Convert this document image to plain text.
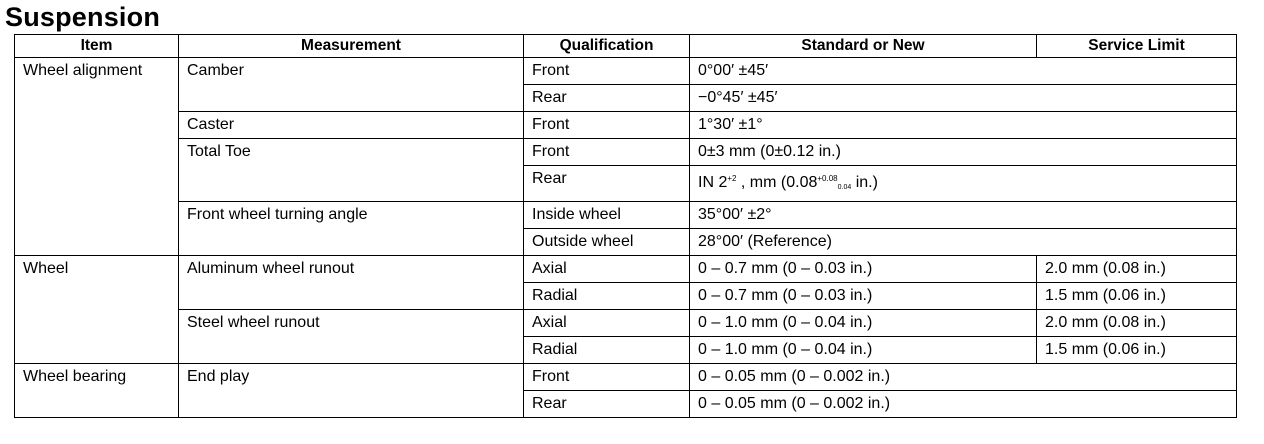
Suspension
Item	Measurement	Qualification	Standard or New	Service Limit
Wheel alignment	Camber	Front	0°00′ ±45′	
		Rear	−0°45′ ±45′	
	Caster	Front	1°30′ ±1°	
	Total Toe	Front	0±3 mm (0±0.12 in.)	
		Rear	IN $2^{+2}$ , mm ($0.08^{+0.08}_{0.04}$ in.)	
	Front wheel turning angle	Inside wheel	35°00′ ±2°	
		Outside wheel	28°00′ (Reference)	
Wheel	Aluminum wheel runout	Axial	0 – 0.7 mm (0 – 0.03 in.)	2.0 mm (0.08 in.)
		Radial	0 – 0.7 mm (0 – 0.03 in.)	1.5 mm (0.06 in.)
	Steel wheel runout	Axial	0 – 1.0 mm (0 – 0.04 in.)	2.0 mm (0.08 in.)
		Radial	0 – 1.0 mm (0 – 0.04 in.)	1.5 mm (0.06 in.)
Wheel bearing	End play	Front	0 – 0.05 mm (0 – 0.002 in.)	
		Rear	0 – 0.05 mm (0 – 0.002 in.)	
